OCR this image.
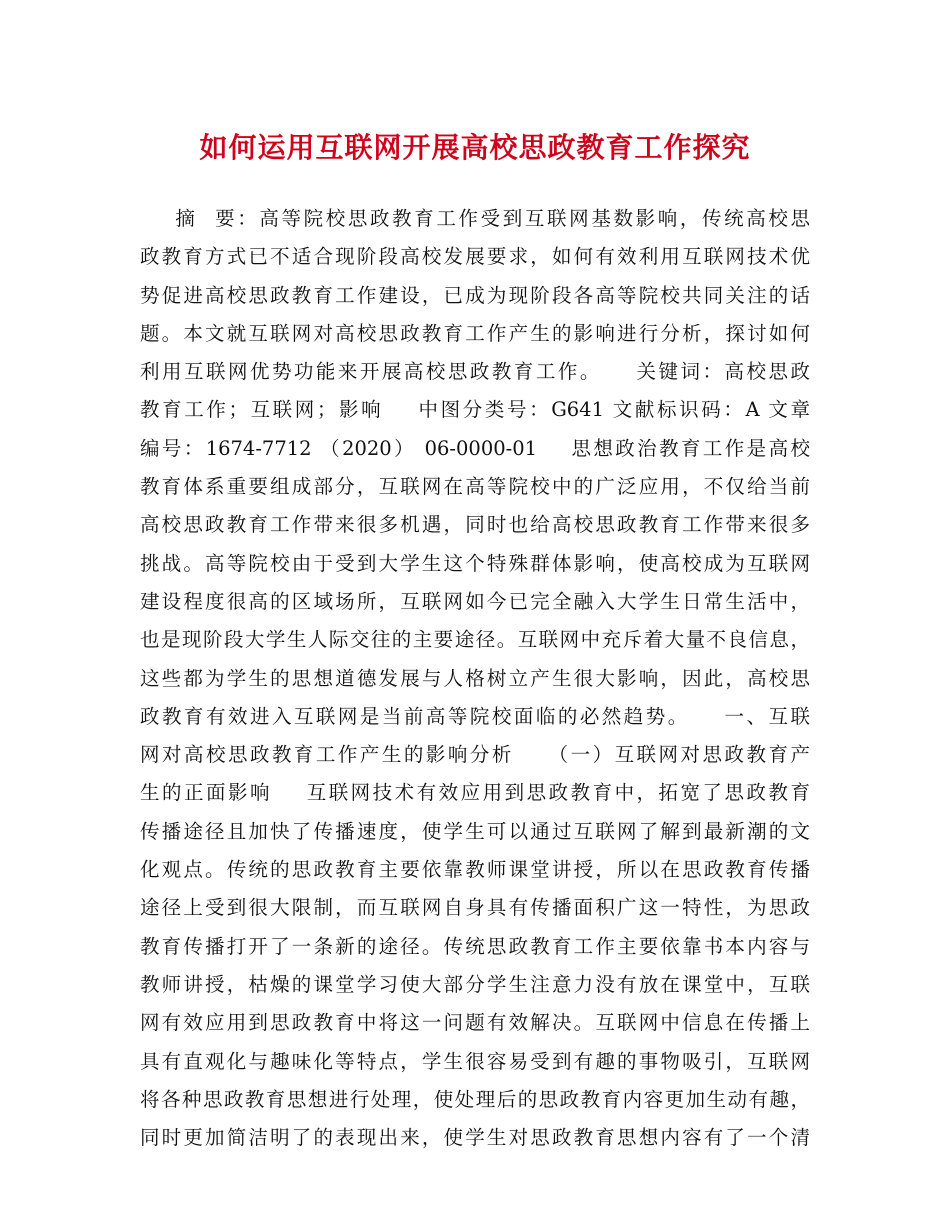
如何运用互联网开展高校思政教育工作探究
摘  要：高等院校思政教育工作受到互联网基数影响，传统高校思
政教育方式已不适合现阶段高校发展要求，如何有效利用互联网技术优
势促进高校思政教育工作建设，已成为现阶段各高等院校共同关注的话
题。本文就互联网对高校思政教育工作产生的影响进行分析，探讨如何
利用互联网优势功能来开展高校思政教育工作。    关键词：高校思政
教育工作；互联网；影响    中图分类号：G641 文献标识码：A 文章
编号：1674-7712 （2020） 06-0000-01    思想政治教育工作是高校
教育体系重要组成部分，互联网在高等院校中的广泛应用，不仅给当前
高校思政教育工作带来很多机遇，同时也给高校思政教育工作带来很多
挑战。高等院校由于受到大学生这个特殊群体影响，使高校成为互联网
建设程度很高的区域场所，互联网如今已完全融入大学生日常生活中，
也是现阶段大学生人际交往的主要途径。互联网中充斥着大量不良信息，
这些都为学生的思想道德发展与人格树立产生很大影响，因此，高校思
政教育有效进入互联网是当前高等院校面临的必然趋势。    一、互联
网对高校思政教育工作产生的影响分析    （一）互联网对思政教育产
生的正面影响    互联网技术有效应用到思政教育中，拓宽了思政教育
传播途径且加快了传播速度，使学生可以通过互联网了解到最新潮的文
化观点。传统的思政教育主要依靠教师课堂讲授，所以在思政教育传播
途径上受到很大限制，而互联网自身具有传播面积广这一特性，为思政
教育传播打开了一条新的途径。传统思政教育工作主要依靠书本内容与
教师讲授，枯燥的课堂学习使大部分学生注意力没有放在课堂中，互联
网有效应用到思政教育中将这一问题有效解决。互联网中信息在传播上
具有直观化与趣味化等特点，学生很容易受到有趣的事物吸引，互联网
将各种思政教育思想进行处理，使处理后的思政教育内容更加生动有趣，
同时更加简洁明了的表现出来，使学生对思政教育思想内容有了一个清
